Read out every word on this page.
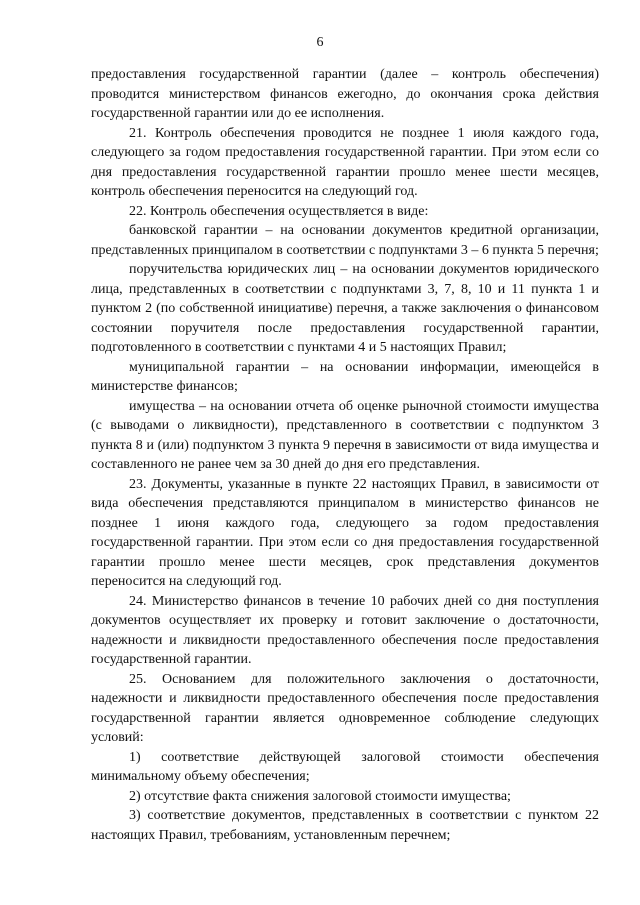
6

предоставления государственной гарантии (далее – контроль обеспечения) проводится министерством финансов ежегодно, до окончания срока действия государственной гарантии или до ее исполнения.

21. Контроль обеспечения проводится не позднее 1 июля каждого года, следующего за годом предоставления государственной гарантии. При этом если со дня предоставления государственной гарантии прошло менее шести месяцев, контроль обеспечения переносится на следующий год.

22. Контроль обеспечения осуществляется в виде:

банковской гарантии – на основании документов кредитной организации, представленных принципалом в соответствии с подпунктами 3 – 6 пункта 5 перечня;

поручительства юридических лиц – на основании документов юридического лица, представленных в соответствии с подпунктами 3, 7, 8, 10 и 11 пункта 1 и пунктом 2 (по собственной инициативе) перечня, а также заключения о финансовом состоянии поручителя после предоставления государственной гарантии, подготовленного в соответствии с пунктами 4 и 5 настоящих Правил;

муниципальной гарантии – на основании информации, имеющейся в министерстве финансов;

имущества – на основании отчета об оценке рыночной стоимости имущества (с выводами о ликвидности), представленного в соответствии с подпунктом 3 пункта 8 и (или) подпунктом 3 пункта 9 перечня в зависимости от вида имущества и составленного не ранее чем за 30 дней до дня его представления.

23. Документы, указанные в пункте 22 настоящих Правил, в зависимости от вида обеспечения представляются принципалом в министерство финансов не позднее 1 июня каждого года, следующего за годом предоставления государственной гарантии. При этом если со дня предоставления государственной гарантии прошло менее шести месяцев, срок представления документов переносится на следующий год.

24. Министерство финансов в течение 10 рабочих дней со дня поступления документов осуществляет их проверку и готовит заключение о достаточности, надежности и ликвидности предоставленного обеспечения после предоставления государственной гарантии.

25. Основанием для положительного заключения о достаточности, надежности и ликвидности предоставленного обеспечения после предоставления государственной гарантии является одновременное соблюдение следующих условий:

1) соответствие действующей залоговой стоимости обеспечения минимальному объему обеспечения;

2) отсутствие факта снижения залоговой стоимости имущества;

3) соответствие документов, представленных в соответствии с пунктом 22 настоящих Правил, требованиям, установленным перечнем;
